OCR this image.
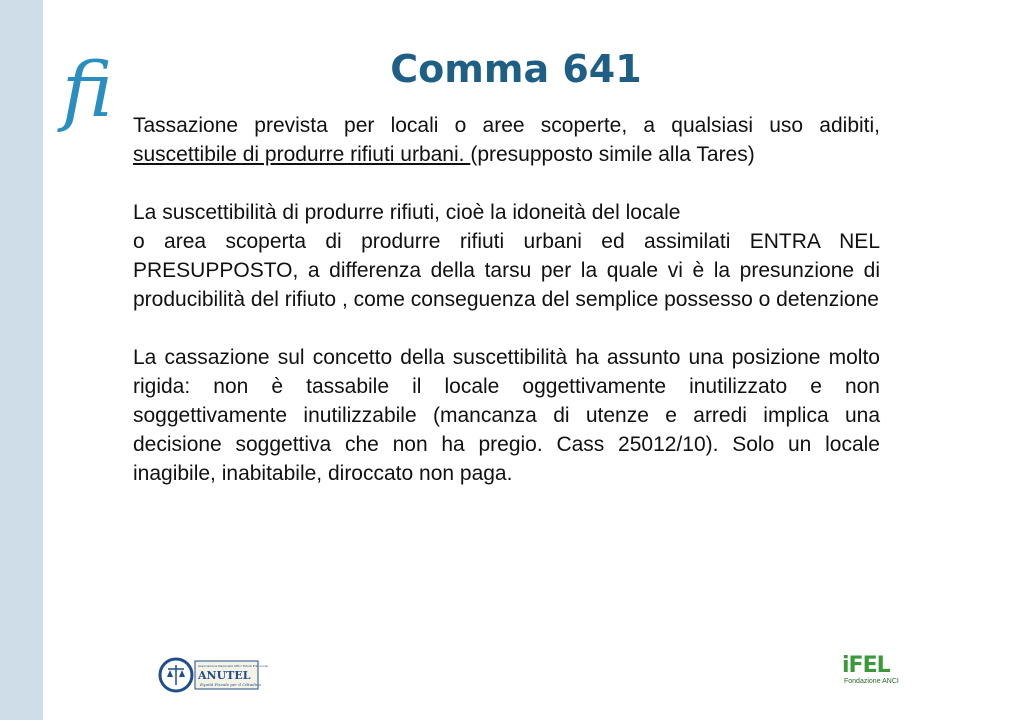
fi	Comma 641

Tassazione prevista per locali o aree scoperte, a qualsiasi uso adibiti, suscettibile di produrre rifiuti urbani. (presupposto simile alla Tares)

La suscettibilità di produrre rifiuti, cioè la idoneità del locale
o area scoperta di produrre rifiuti urbani ed assimilati ENTRA NEL PRESUPPOSTO, a differenza della tarsu per la quale vi è la presunzione di producibilità del rifiuto , come conseguenza del semplice possesso o detenzione

La cassazione sul concetto della suscettibilità ha assunto una posizione molto rigida: non è tassabile il locale oggettivamente inutilizzato e non soggettivamente inutilizzabile (mancanza di utenze e arredi implica una decisione soggettiva che non ha pregio. Cass 25012/10). Solo un locale inagibile, inabitabile, diroccato non paga.

Associazione Nazionale Uffici Tributi Enti Locali
ANUTEL
Equità Fiscale per il Cittadino
iFEL
Fondazione ANCI
